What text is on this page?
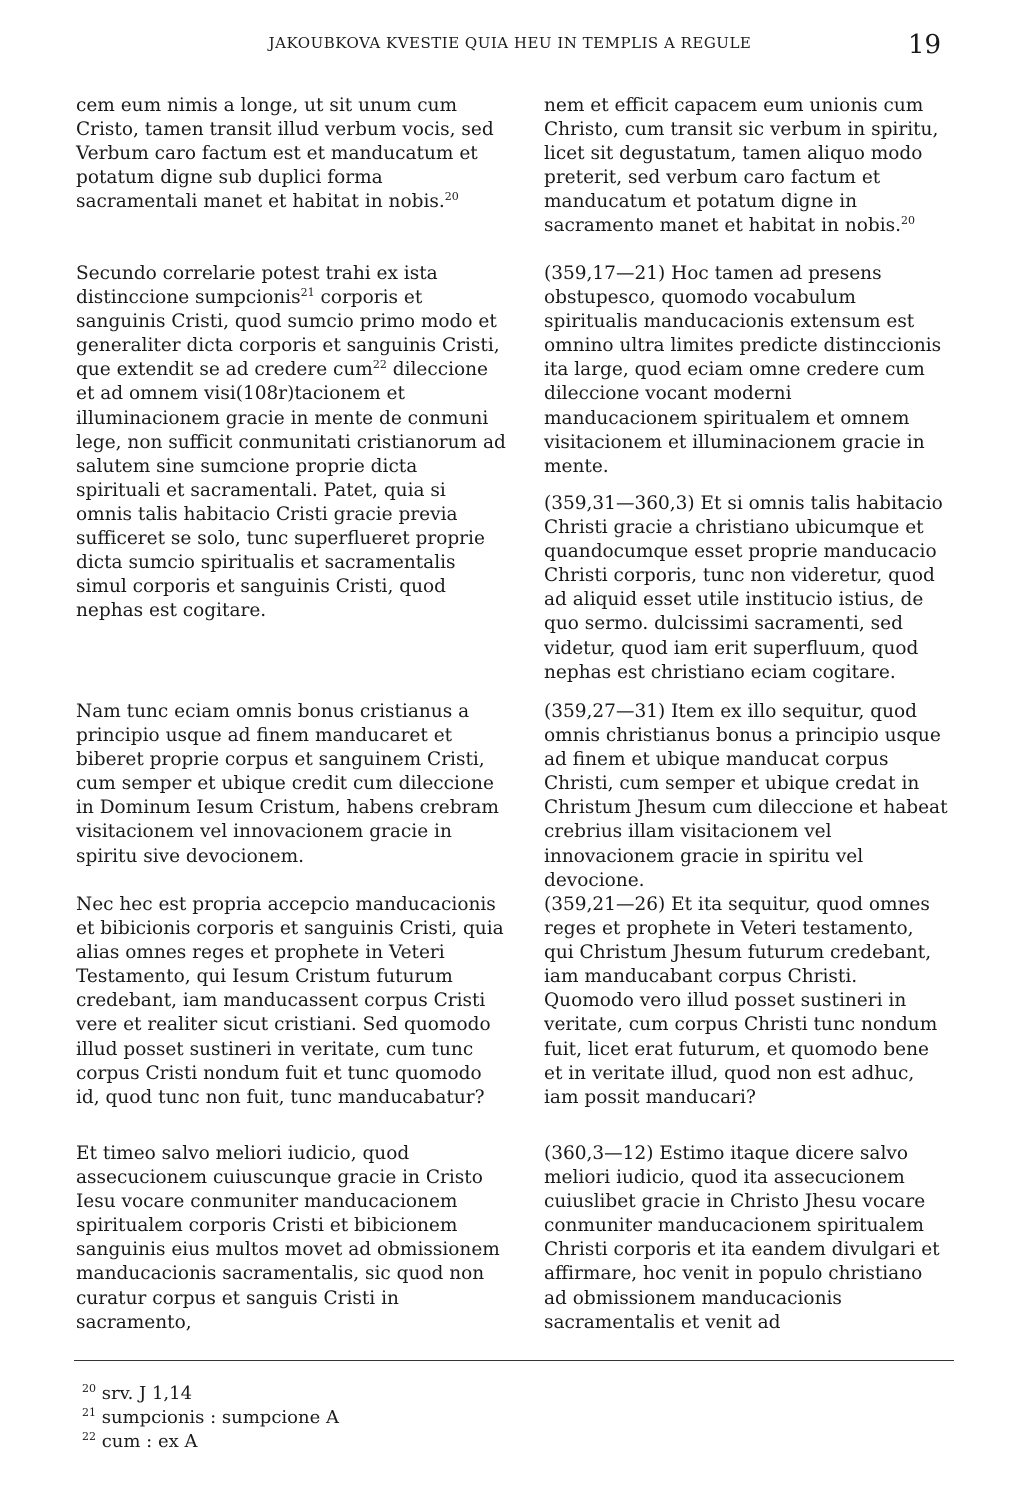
JAKOUBKOVA KVESTIE QUIA HEU IN TEMPLIS A REGULE	19

cem eum nimis a longe, ut sit unum cum Cristo, tamen transit illud verbum vocis, sed Verbum caro factum est et manducatum et potatum digne sub duplici forma sacramentali manet et habitat in nobis.$^{20}$

Secundo correlarie potest trahi ex ista distinccione sumpcionis$^{21}$ corporis et sanguinis Cristi, quod sumcio primo modo et generaliter dicta corporis et sanguinis Cristi, que extendit se ad credere cum$^{22}$ dileccione et ad omnem visi(108r)tacionem et illuminacionem gracie in mente de conmuni lege, non sufficit conmunitati cristianorum ad salutem sine sumcione proprie dicta spirituali et sacramentali. Patet, quia si omnis talis habitacio Cristi gracie previa sufficeret se solo, tunc superflueret proprie dicta sumcio spiritualis et sacramentalis simul corporis et sanguinis Cristi, quod nephas est cogitare.

Nam tunc eciam omnis bonus cristianus a principio usque ad finem manducaret et biberet proprie corpus et sanguinem Cristi, cum semper et ubique credit cum dileccione in Dominum Iesum Cristum, habens crebram visitacionem vel innovacionem gracie in spiritu sive devocionem.

Nec hec est propria accepcio manducacionis et bibicionis corporis et sanguinis Cristi, quia alias omnes reges et prophete in Veteri Testamento, qui Iesum Cristum futurum credebant, iam manducassent corpus Cristi vere et realiter sicut cristiani. Sed quomodo illud posset sustineri in veritate, cum tunc corpus Cristi nondum fuit et tunc quomodo id, quod tunc non fuit, tunc manducabatur?

Et timeo salvo meliori iudicio, quod assecucionem cuiuscunque gracie in Cristo Iesu vocare conmuniter manducacionem spiritualem corporis Cristi et bibicionem sanguinis eius multos movet ad obmissionem manducacionis sacramentalis, sic quod non curatur corpus et sanguis Cristi in sacramento,

nem et efficit capacem eum unionis cum Christo, cum transit sic verbum in spiritu, licet sit degustatum, tamen aliquo modo preterit, sed verbum caro factum et manducatum et potatum digne in sacramento manet et habitat in nobis.$^{20}$

(359,17—21) Hoc tamen ad presens obstupesco, quomodo vocabulum spiritualis manducacionis extensum est omnino ultra limites predicte distinccionis ita large, quod eciam omne credere cum dileccione vocant moderni manducacionem spiritualem et omnem visitacionem et illuminacionem gracie in mente.

(359,31—360,3) Et si omnis talis habitacio Christi gracie a christiano ubicumque et quandocumque esset proprie manducacio Christi corporis, tunc non videretur, quod ad aliquid esset utile institucio istius, de quo sermo. dulcissimi sacramenti, sed videtur, quod iam erit superfluum, quod nephas est christiano eciam cogitare.

(359,27—31) Item ex illo sequitur, quod omnis christianus bonus a principio usque ad finem et ubique manducat corpus Christi, cum semper et ubique credat in Christum Jhesum cum dileccione et habeat crebrius illam visitacionem vel innovacionem gracie in spiritu vel devocione.

(359,21—26) Et ita sequitur, quod omnes reges et prophete in Veteri testamento, qui Christum Jhesum futurum credebant, iam manducabant corpus Christi. Quomodo vero illud posset sustineri in veritate, cum corpus Christi tunc nondum fuit, licet erat futurum, et quomodo bene et in veritate illud, quod non est adhuc, iam possit manducari?

(360,3—12) Estimo itaque dicere salvo meliori iudicio, quod ita assecucionem cuiuslibet gracie in Christo Jhesu vocare conmuniter manducacionem spiritualem Christi corporis et ita eandem divulgari et affirmare, hoc venit in populo christiano ad obmissionem manducacionis sacramentalis et venit ad

$^{20}$ srv. J 1,14
$^{21}$ sumpcionis : sumpcione A
$^{22}$ cum : ex A
